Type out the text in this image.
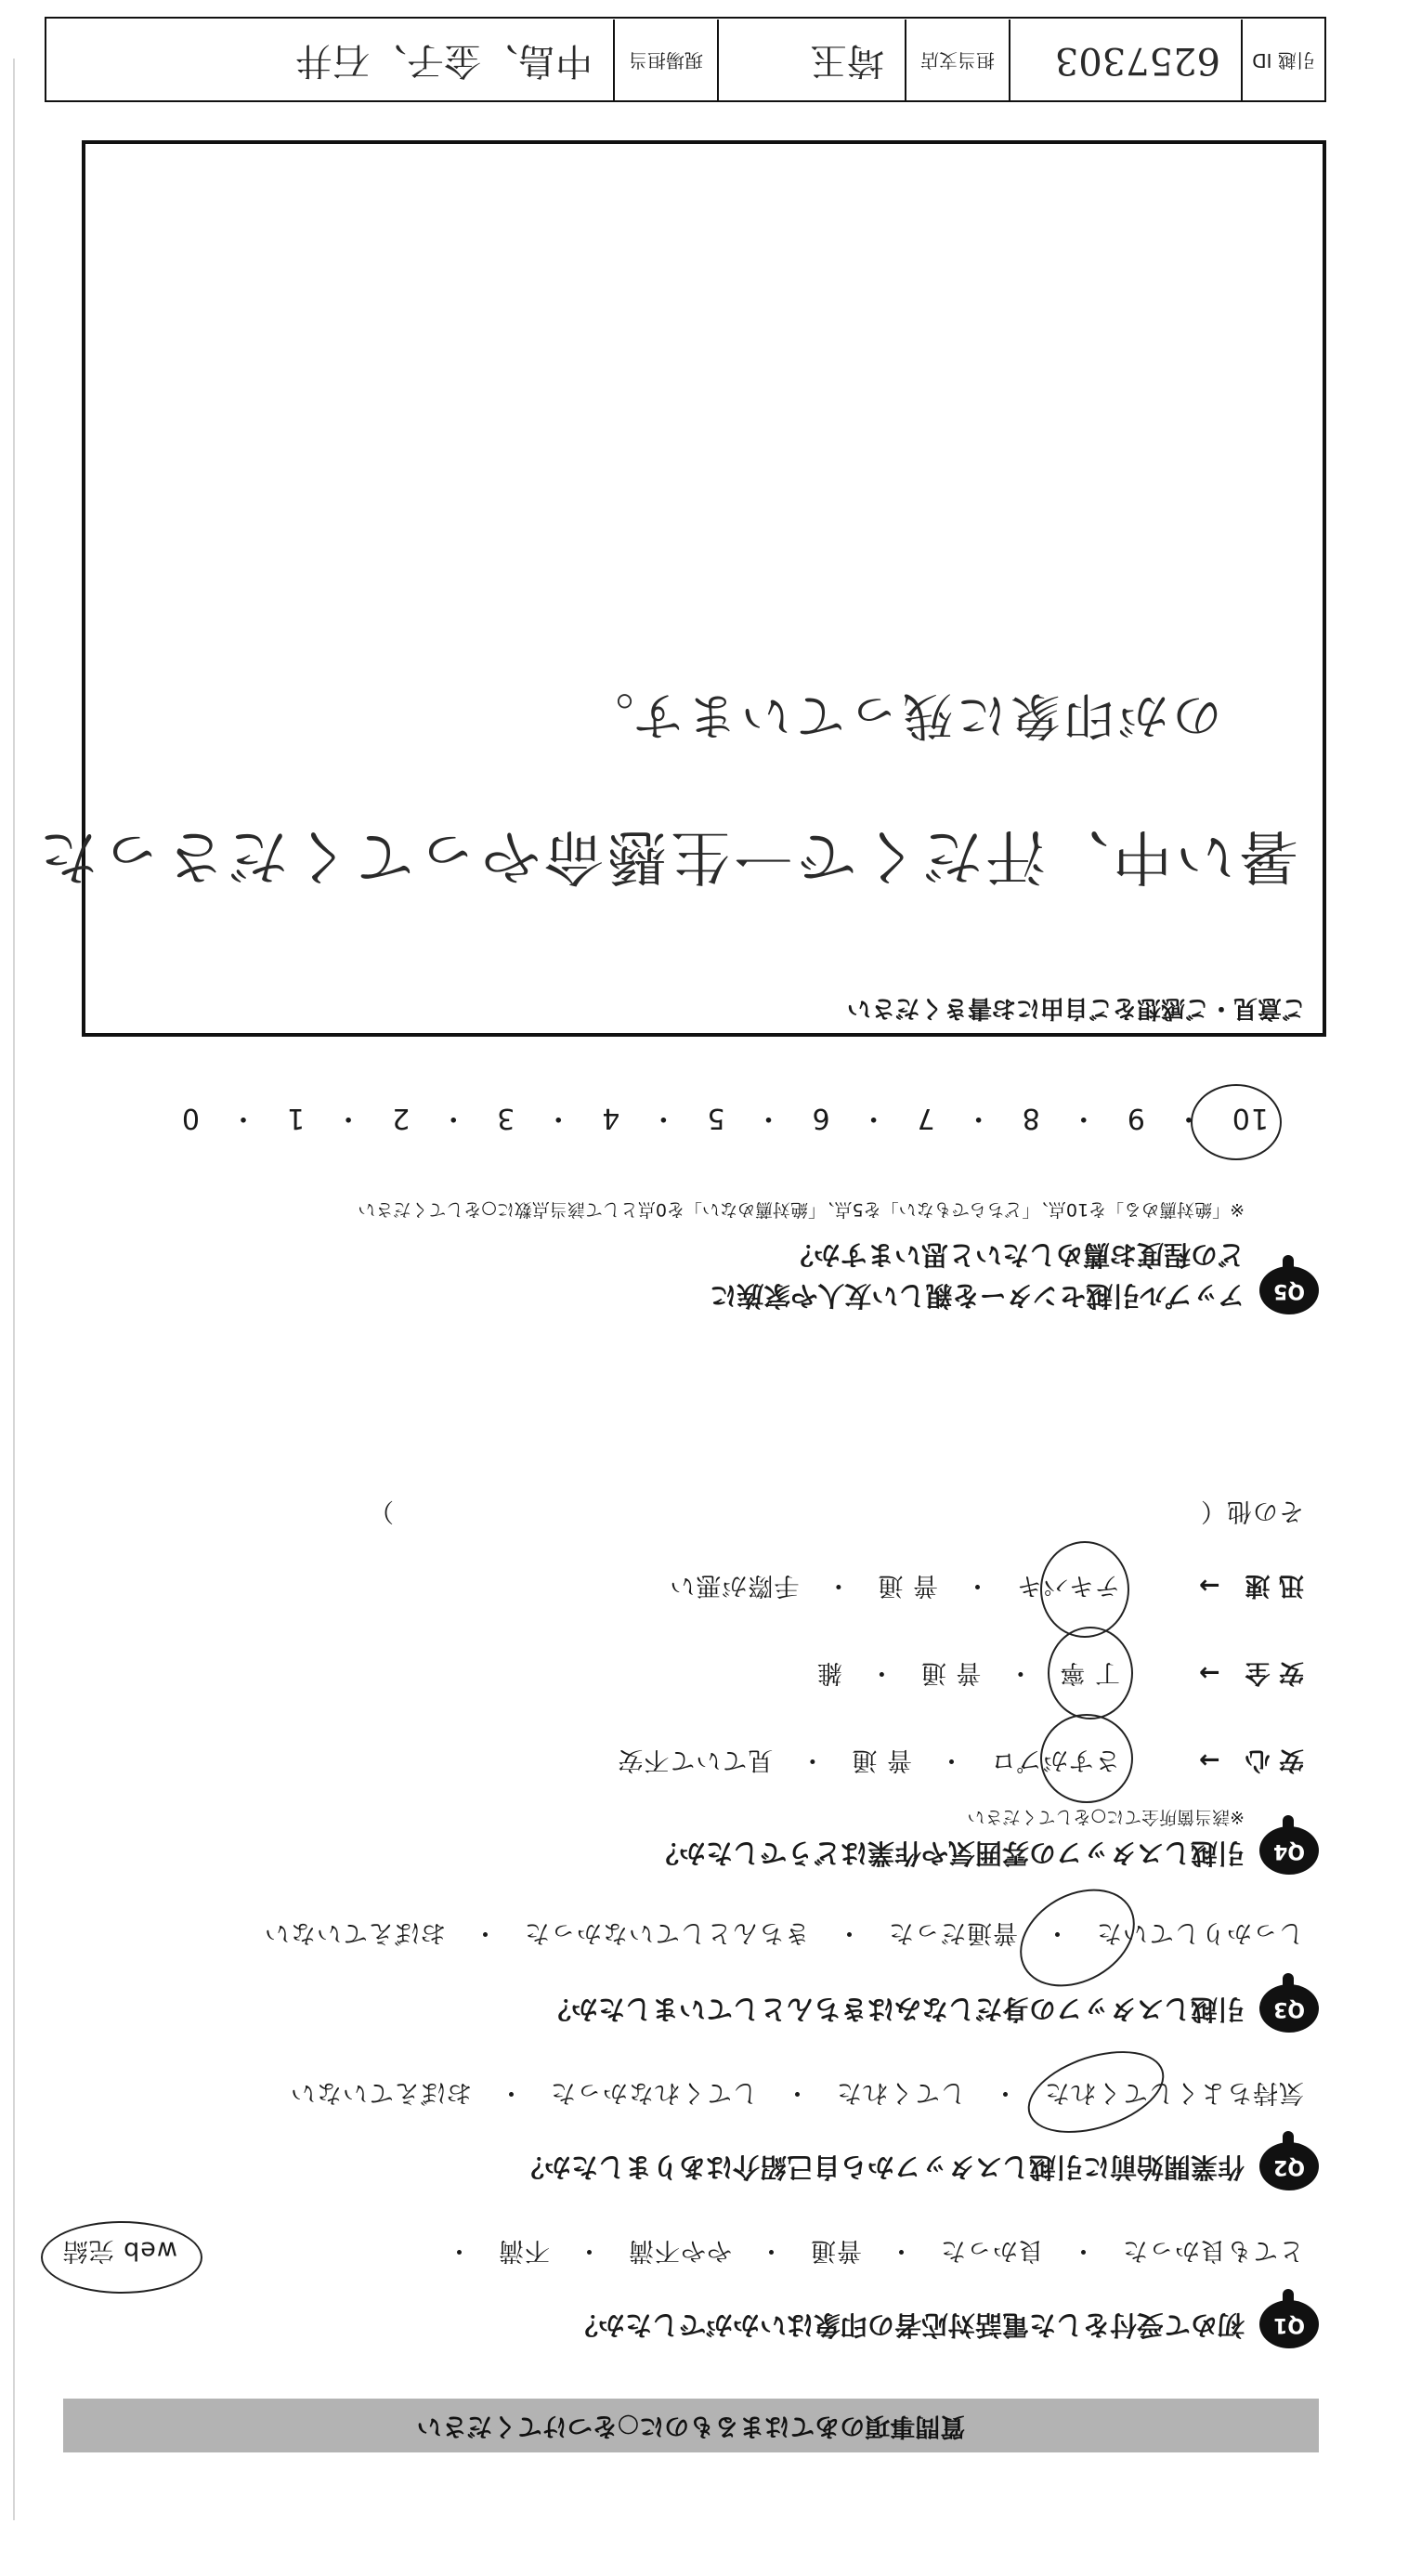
質問事項のあてはまるものに○をつけてください
Q1
初めて受付をした電話対応者の印象はいかがでしたか？
とても良かった　・　良かった　・　普通　・　やや不満　・　不満　・
web 完結
Q2
作業開始前に引越しスタッフから自己紹介はありましたか？
気持ちよくしてくれた　・　してくれた　・　してくれなかった　・　おぼえていない
Q3
引越しスタッフの身だしなみはきちんとしていましたか？
しっかりしていた　・　普通だった　・　きちんとしていなかった　・　おぼえていない
Q4
引越しスタッフの雰囲気や作業はどうでしたか？
※該当箇所全てに○をしてください
安 心　→
さすがプロ　・　普 通　・　見ていて不安
安 全　→
丁 寧　・　普 通　・　雑
迅 速　→
テキパキ　・　普 通　・　手際が悪い
その他（　　　　　　　　　　　　　　　　　　　　　　　　　　　　　　　）
Q5
アップル引越センターを親しい友人や家族に
どの程度お薦めしたいと思いますか？
※「絶対薦める」を10点、「どちらでもない」を5点、「絶対薦めない」を0点として該当点数に○をしてください
10　・　9　・　8　・　7　・　6　・　5　・　4　・　3　・　2　・　1　・　0
ご意見・ご感想をご自由にお書きください
暑い中、汗だくで一生懸命やってくださった
のが印象に残っています。
引越 ID
6257303
担当支店
埼玉
現場担当
中島、金子、石井
